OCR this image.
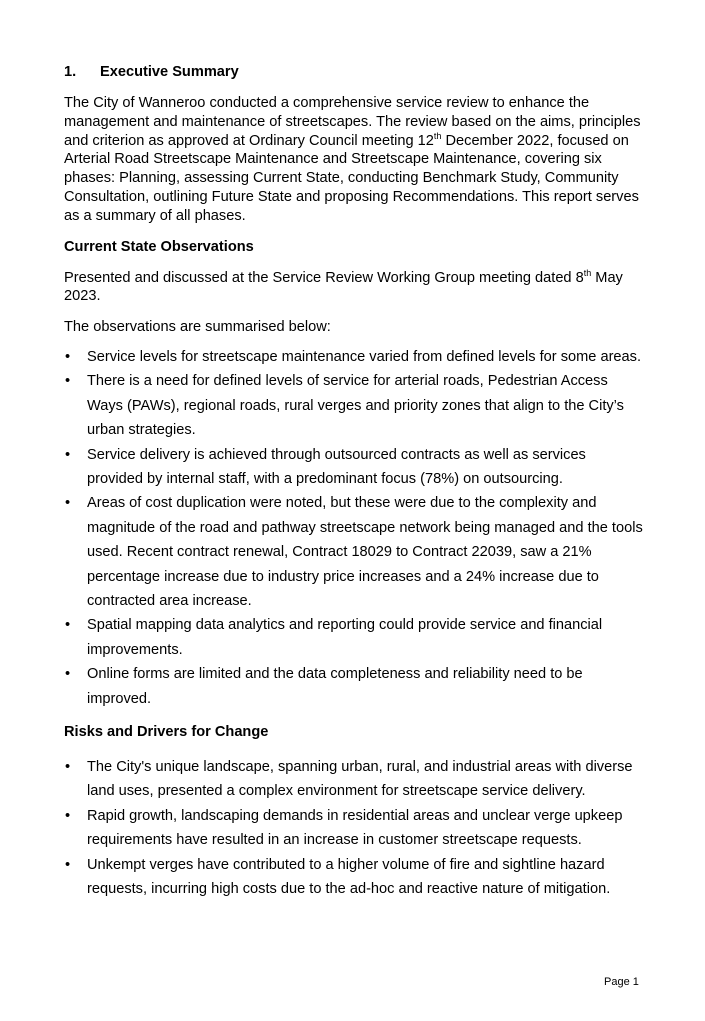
1.	Executive Summary

The City of Wanneroo conducted a comprehensive service review to enhance the management and maintenance of streetscapes. The review based on the aims, principles and criterion as approved at Ordinary Council meeting 12th December 2022, focused on Arterial Road Streetscape Maintenance and Streetscape Maintenance, covering six phases: Planning, assessing Current State, conducting Benchmark Study, Community Consultation, outlining Future State and proposing Recommendations. This report serves as a summary of all phases.

Current State Observations

Presented and discussed at the Service Review Working Group meeting dated 8th May 2023.

The observations are summarised below:

• Service levels for streetscape maintenance varied from defined levels for some areas.
• There is a need for defined levels of service for arterial roads, Pedestrian Access Ways (PAWs), regional roads, rural verges and priority zones that align to the City’s urban strategies.
• Service delivery is achieved through outsourced contracts as well as services provided by internal staff, with a predominant focus (78%) on outsourcing.
• Areas of cost duplication were noted, but these were due to the complexity and magnitude of the road and pathway streetscape network being managed and the tools used. Recent contract renewal, Contract 18029 to Contract 22039, saw a 21% percentage increase due to industry price increases and a 24% increase due to contracted area increase.
• Spatial mapping data analytics and reporting could provide service and financial improvements.
• Online forms are limited and the data completeness and reliability need to be improved.

Risks and Drivers for Change

• The City's unique landscape, spanning urban, rural, and industrial areas with diverse land uses, presented a complex environment for streetscape service delivery.
• Rapid growth, landscaping demands in residential areas and unclear verge upkeep requirements have resulted in an increase in customer streetscape requests.
• Unkempt verges have contributed to a higher volume of fire and sightline hazard requests, incurring high costs due to the ad-hoc and reactive nature of mitigation.
Page 1
